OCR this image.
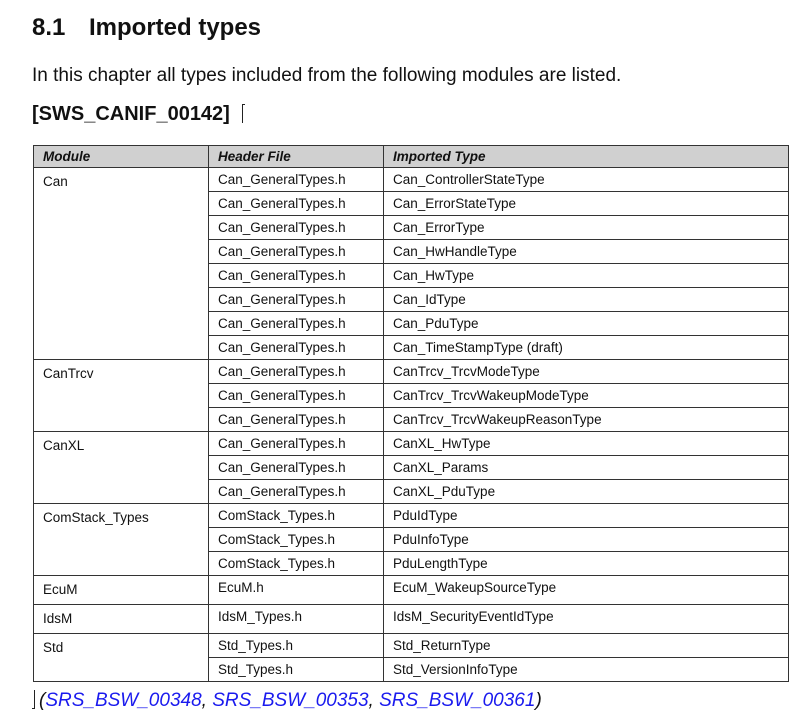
8.1 Imported types

In this chapter all types included from the following modules are listed.

[SWS_CANIF_00142]

Module	Header File	Imported Type
Can	Can_GeneralTypes.h	Can_ControllerStateType
	Can_GeneralTypes.h	Can_ErrorStateType
	Can_GeneralTypes.h	Can_ErrorType
	Can_GeneralTypes.h	Can_HwHandleType
	Can_GeneralTypes.h	Can_HwType
	Can_GeneralTypes.h	Can_IdType
	Can_GeneralTypes.h	Can_PduType
	Can_GeneralTypes.h	Can_TimeStampType (draft)
CanTrcv	Can_GeneralTypes.h	CanTrcv_TrcvModeType
	Can_GeneralTypes.h	CanTrcv_TrcvWakeupModeType
	Can_GeneralTypes.h	CanTrcv_TrcvWakeupReasonType
CanXL	Can_GeneralTypes.h	CanXL_HwType
	Can_GeneralTypes.h	CanXL_Params
	Can_GeneralTypes.h	CanXL_PduType
ComStack_Types	ComStack_Types.h	PduIdType
	ComStack_Types.h	PduInfoType
	ComStack_Types.h	PduLengthType
EcuM	EcuM.h	EcuM_WakeupSourceType
IdsM	IdsM_Types.h	IdsM_SecurityEventIdType
Std	Std_Types.h	Std_ReturnType
	Std_Types.h	Std_VersionInfoType

(SRS_BSW_00348, SRS_BSW_00353, SRS_BSW_00361)
